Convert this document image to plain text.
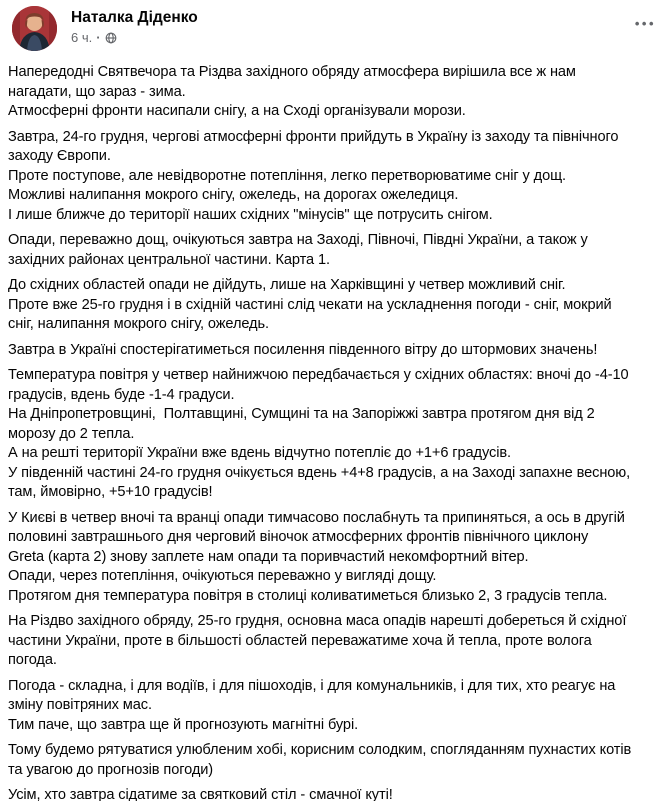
Наталка Діденко
6 ч. ·
•••
Напередодні Святвечора та Різдва західного обряду атмосфера вирішила все ж нам
нагадати, що зараз - зима.
Атмосферні фронти насипали снігу, а на Сході організували морози.
Завтра, 24-го грудня, чергові атмосферні фронти прийдуть в Україну із заходу та північного
заходу Європи.
Проте поступове, але невідворотне потепління, легко перетворюватиме сніг у дощ.
Можливі налипання мокрого снігу, ожеледь, на дорогах ожеледиця.
І лише ближче до території наших східних "мінусів" ще потрусить снігом.
Опади, переважно дощ, очікуються завтра на Заході, Півночі, Півдні України, а також у
західних районах центральної частини. Карта 1.
До східних областей опади не дійдуть, лише на Харківщині у четвер можливий сніг.
Проте вже 25-го грудня і в східній частині слід чекати на ускладнення погоди - сніг, мокрий
сніг, налипання мокрого снігу, ожеледь.
Завтра в Україні спостерігатиметься посилення південного вітру до штормових значень!
Температура повітря у четвер найнижчою передбачається у східних областях: вночі до -4-10
градусів, вдень буде -1-4 градуси.
На Дніпропетровщині,  Полтавщині, Сумщині та на Запоріжжі завтра протягом дня від 2
морозу до 2 тепла.
А на решті території України вже вдень відчутно потепліє до +1+6 градусів.
У південній частині 24-го грудня очікується вдень +4+8 градусів, а на Заході запахне весною,
там, ймовірно, +5+10 градусів!
У Києві в четвер вночі та вранці опади тимчасово послабнуть та припиняться, а ось в другій
половині завтрашнього дня черговий віночок атмосферних фронтів північного циклону
Greta (карта 2) знову заплете нам опади та поривчастий некомфортний вітер.
Опади, через потепління, очікуються переважно у вигляді дощу.
Протягом дня температура повітря в столиці коливатиметься близько 2, 3 градусів тепла.
На Різдво західного обряду, 25-го грудня, основна маса опадів нарешті добереться й східної
частини України, проте в більшості областей переважатиме хоча й тепла, проте волога
погода.
Погода - складна, і для водіїв, і для пішоходів, і для комунальників, і для тих, хто реагує на
зміну повітряних мас.
Тим паче, що завтра ще й прогнозують магнітні бурі.
Тому будемо рятуватися улюбленим хобі, корисним солодким, спогляданням пухнастих котів
та увагою до прогнозів погоди)
Усім, хто завтра сідатиме за святковий стіл - смачної куті!
